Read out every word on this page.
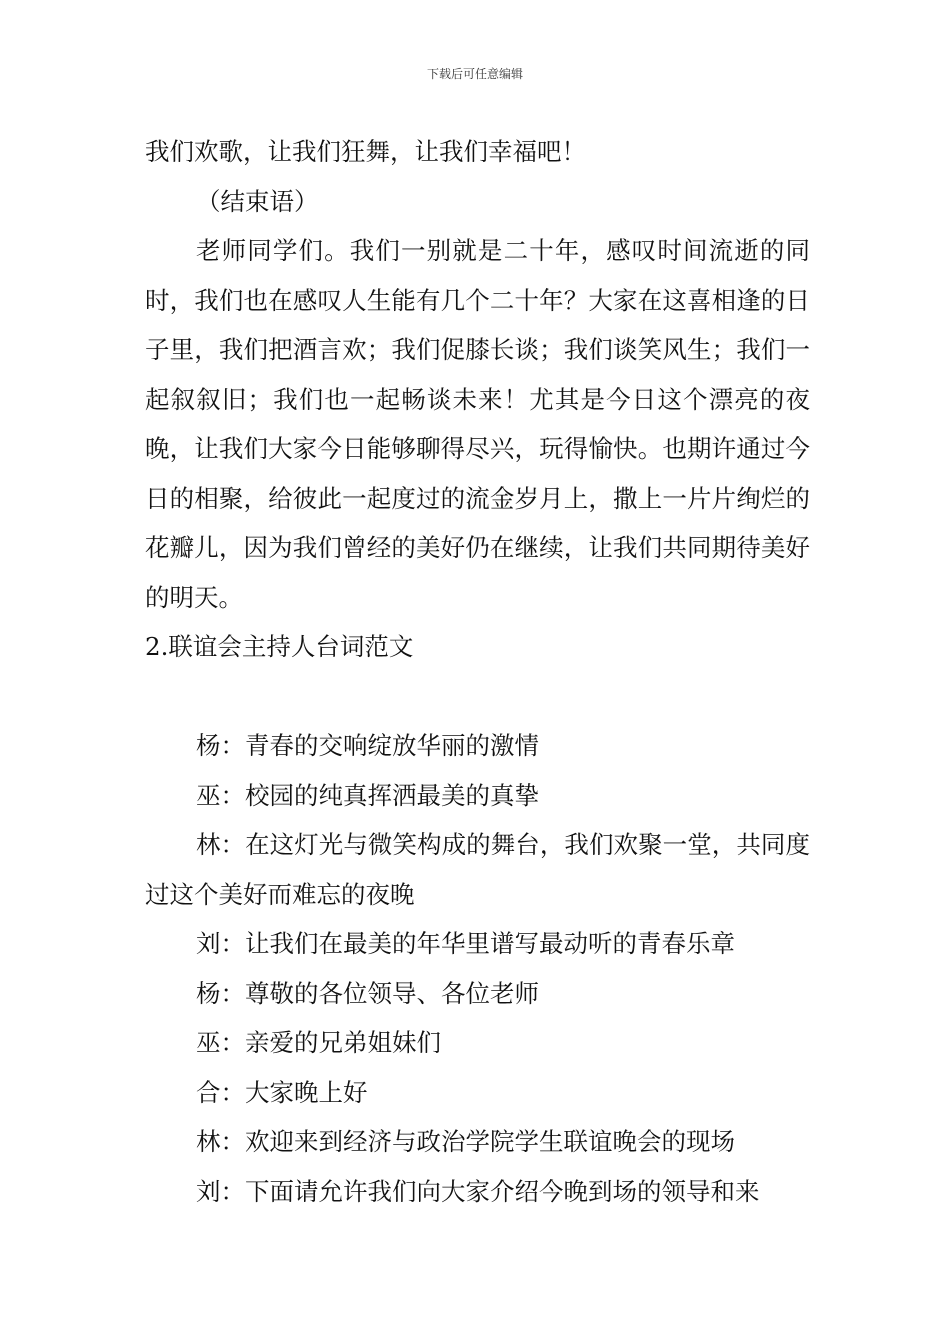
下载后可任意编辑

我们欢歌，让我们狂舞，让我们幸福吧！

（结束语）

老师同学们。我们一别就是二十年，感叹时间流逝的同时，我们也在感叹人生能有几个二十年？大家在这喜相逢的日子里，我们把酒言欢；我们促膝长谈；我们谈笑风生；我们一起叙叙旧；我们也一起畅谈未来！尤其是今日这个漂亮的夜晚，让我们大家今日能够聊得尽兴，玩得愉快。也期许通过今日的相聚，给彼此一起度过的流金岁月上，撒上一片片绚烂的花瓣儿，因为我们曾经的美好仍在继续，让我们共同期待美好的明天。

2.联谊会主持人台词范文

杨：青春的交响绽放华丽的激情

巫：校园的纯真挥洒最美的真挚

林：在这灯光与微笑构成的舞台，我们欢聚一堂，共同度过这个美好而难忘的夜晚

刘：让我们在最美的年华里谱写最动听的青春乐章

杨：尊敬的各位领导、各位老师

巫：亲爱的兄弟姐妹们

合：大家晚上好

林：欢迎来到经济与政治学院学生联谊晚会的现场

刘：下面请允许我们向大家介绍今晚到场的领导和来
